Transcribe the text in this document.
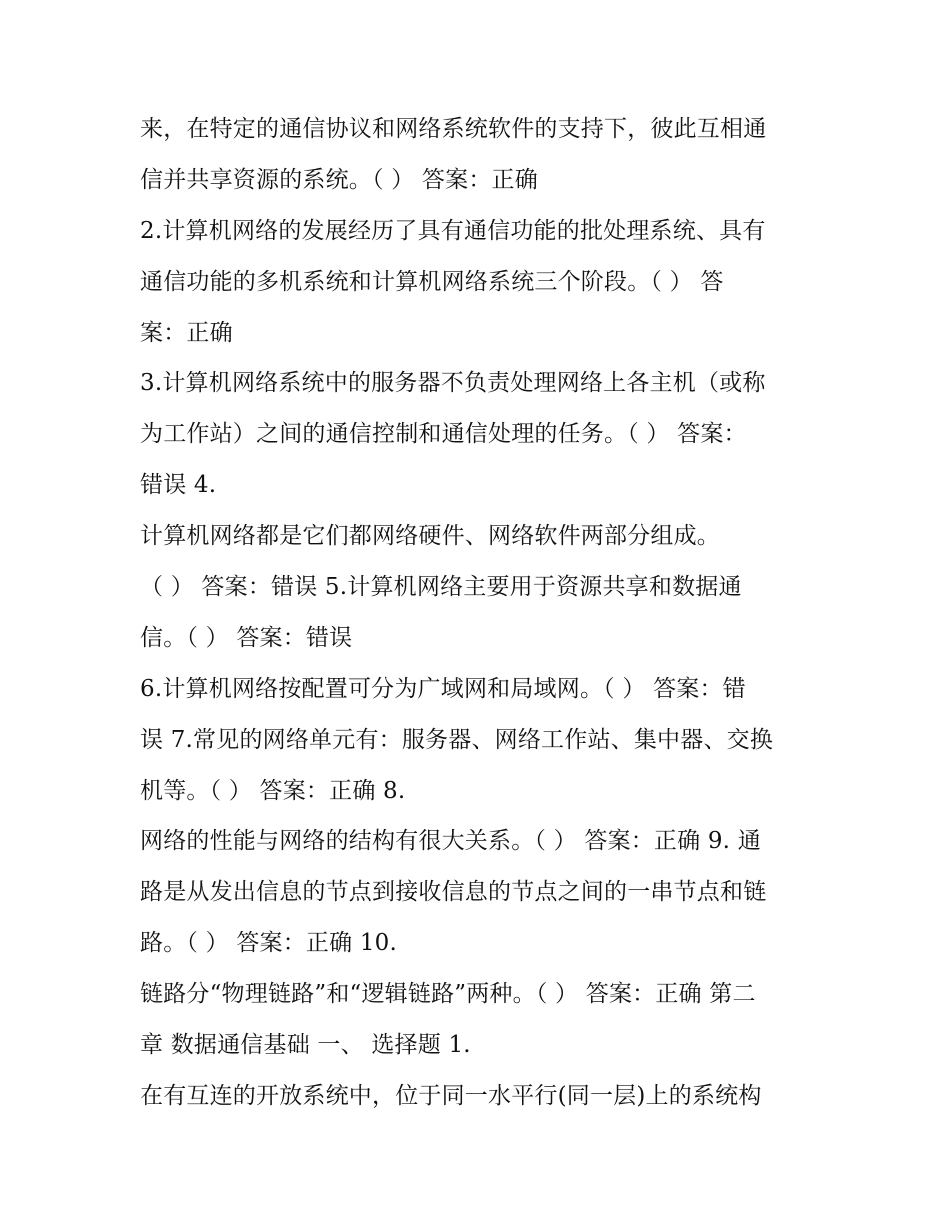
来，在特定的通信协议和网络系统软件的支持下，彼此互相通
信并共享资源的系统。（ ） 答案：正确
2.计算机网络的发展经历了具有通信功能的批处理系统、具有
通信功能的多机系统和计算机网络系统三个阶段。（ ） 答
案：正确
3.计算机网络系统中的服务器不负责处理网络上各主机（或称
为工作站）之间的通信控制和通信处理的任务。（ ） 答案：
错误 4.
计算机网络都是它们都网络硬件、网络软件两部分组成。
（ ） 答案：错误 5.计算机网络主要用于资源共享和数据通
信。（ ） 答案：错误
6.计算机网络按配置可分为广域网和局域网。（ ） 答案：错
误 7.常见的网络单元有：服务器、网络工作站、集中器、交换
机等。（ ） 答案：正确 8.
网络的性能与网络的结构有很大关系。（ ） 答案：正确 9. 通
路是从发出信息的节点到接收信息的节点之间的一串节点和链
路。（ ） 答案：正确 10.
链路分“物理链路”和“逻辑链路”两种。（ ） 答案：正确 第二
章 数据通信基础 一、 选择题 1.
在有互连的开放系统中，位于同一水平行(同一层)上的系统构
